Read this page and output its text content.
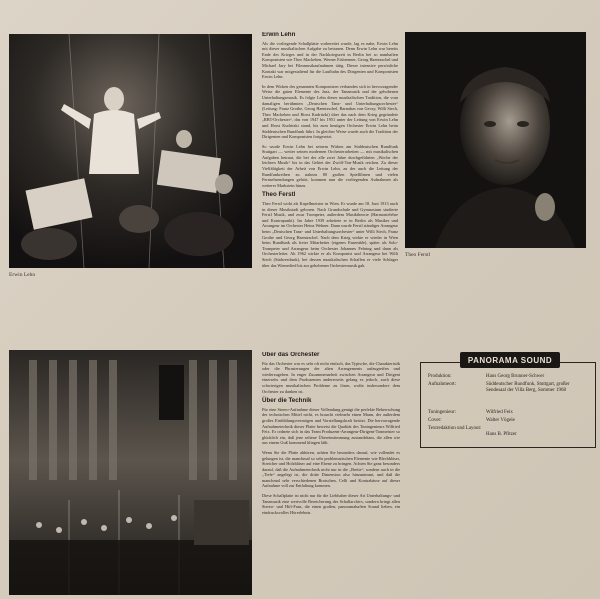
Erwin Lehn
Erwin Lehn

Als die vorliegende Schallplatte vorbereitet wurde, lag es nahe, Erwin Lehn mit dieser musikalischen Aufgabe zu betrauen. Denn Erwin Lehn war bereits Ende des Krieges und in der Nachkriegszeit in Berlin bei so namhaften Komponisten wie Theo Mackeben, Werner Eisbrenner, Georg Haentzschel und Michael Jary bei Filmmusikaufnahmen tätig. Dieser intensive persönliche Kontakt war mitgestaltend für die Laufbahn des Dirigenten und Komponisten Erwin Lehn.

In dem Wirken des genannten Komponisten verbanden sich in hervorragender Weise die guten Elemente des Jazz, der Tanzmusik und der gehobenen Unterhaltungsmusik. Es folgte Lehn dieser musikalischen Tradition, die vom damaligen berühmten „Deutschen Tanz- und Unterhaltungsorchester“ (Leitung: Franz Grothe, Georg Haentzschel, Barnabas von Geczy, Willi Stech, Theo Mackeben und Horst Kudritzki) über das nach dem Krieg gegründete „RBT-Orchester“, das von 1947 bis 1951 unter der Leitung von Erwin Lehn und Horst Kudritzki stand, bis zum heutigen Orchester Erwin Lehn beim Süddeutschen Rundfunk führt. In gleicher Weise wurde auch die Tradition der Dirigenten und Komponisten fortgesetzt.

So wurde Erwin Lehn bei seinem Wirken am Süddeutschen Rundfunk Stuttgart — weiter seinen modernen Orchesterarbeiten — mit musikalischen Aufgaben betraut, die bei der alle zwei Jahre durchgeführten „Woche der leichten Musik“ bis in das Gebiet der Zwölf-Ton-Musik reichen. Zu dieser Vielfältigkeit der Arbeit von Erwin Lehn, zu der auch die Leitung der Rundfunkreihen zu nahezu 80 großen Spielfilmen und vielen Fernsehsendungen gehört, kommen nun die vorliegenden Aufnahmen als weiterer Markstein hinzu.

Theo Ferstl

Theo Ferstl wirkt als Kapellmeister in Wien. Er wurde am 18. Juni 1913 auch in dieser Musikstadt geboren. Nach Grundschule und Gymnasium studierte Ferstl Musik, und zwar Trompeter, außerdem Musiktheorie (Harmonielehre und Kontrapunkt). Im Jahre 1939 arbeitete er in Berlin als Musiker und Arrangeur im Orchester Heinz Wehner. Dann wurde Ferstl ständiger Arrangeur beim „Deutschen Tanz- und Unterhaltungsorchester“ unter Willi Stech, Franz Grothe und Georg Haentzschel. Nach dem Krieg wirkte er wieder in Wien beim Rundfunk als freier Mitarbeiter (eigenes Ensemble), später als Solo-Trompeter und Arrangeur beim Orchester Johannes Fehring und dann als Orchesterleiter. Ab 1962 wirkte er als Komponist und Arrangeur bei Willi Stech (Südwestfunk), bei dessen musikalischen Schaffen er viele Schlager über das Wienerlied bis zur gehobenen Orchestermusik gab.

Theo Ferstl
Über das Orchester

Für das Orchester war es sehr oft nicht einfach, das Typische, die Charakteristik oder die Phrasierungen der alten Arrangements aufzugreifen und wiederzugeben. In enger Zusammenarbeit zwischen Arrangeur und Dirigent einerseits und dem Produzenten andererseits gelang es jedoch, auch diese schwierigen musikalischen Probleme zu lösen, wofür insbesondere dem Orchester zu danken ist.

Über die Technik

Für eine Stereo-Aufnahme dieser Vollendung genügt die perfekte Beherrschung der technischen Mittel nicht, es braucht vielmehr einen Mann, der außerdem großes Einfühlungsvermögen und Vorstellungskraft besitzt. Die hervorragende Aufnahmetechnik dieser Platte beweist die Qualität des Toningenieurs Wilfried Feix. Er ordnete sich in das Team Produzent-Arrangeur-Dirigent-Tonmeister so glücklich ein, daß jene seltene Übereinstimmung zustandekam, die allen wie aus einem Guß kommend klingen läßt.

Wenn Sie die Platte abhören, achten Sie besonders darauf, wie vollendet es gelungen ist, die manchmal so sehr problematischen Elemente wie Blechbläser, Streicher und Holzbläser auf eine Ebene zu bringen. Achten Sie ganz besonders darauf, daß die Aufnahmetechnik nicht nur in die „Breite“, sondern auch in die „Tiefe“ angelegt ist, die dritte Dimension also hinzunimmt, und daß die manchmal sehr verschiedenen Bratschen, Celli und Kontrabässe auf dieser Aufnahme voll zur Entfaltung kommen.

Diese Schallplatte ist nicht nur für die Liebhaber dieser Art Unterhaltungs- und Tanzmusik eine wertvolle Bereicherung des Schallarchivs, sondern bringt allen Stereo- und Hifi-Fans, die einen großen, panoramahaften Sound lieben, ein eindrucksvolles Hörerlebnis.

PANORAMA SOUND
Produktion:	Hans Georg Brunner-Schwer
Aufnahmeort:	Süddeutscher Rundfunk, Stuttgart, großer Sendesaal der Villa Berg, Sommer 1968
Toningenieur:	Wilfried Feix
Cover:	Walter Vögele
Textredaktion und Layout:
Hans B. Pfitzer
